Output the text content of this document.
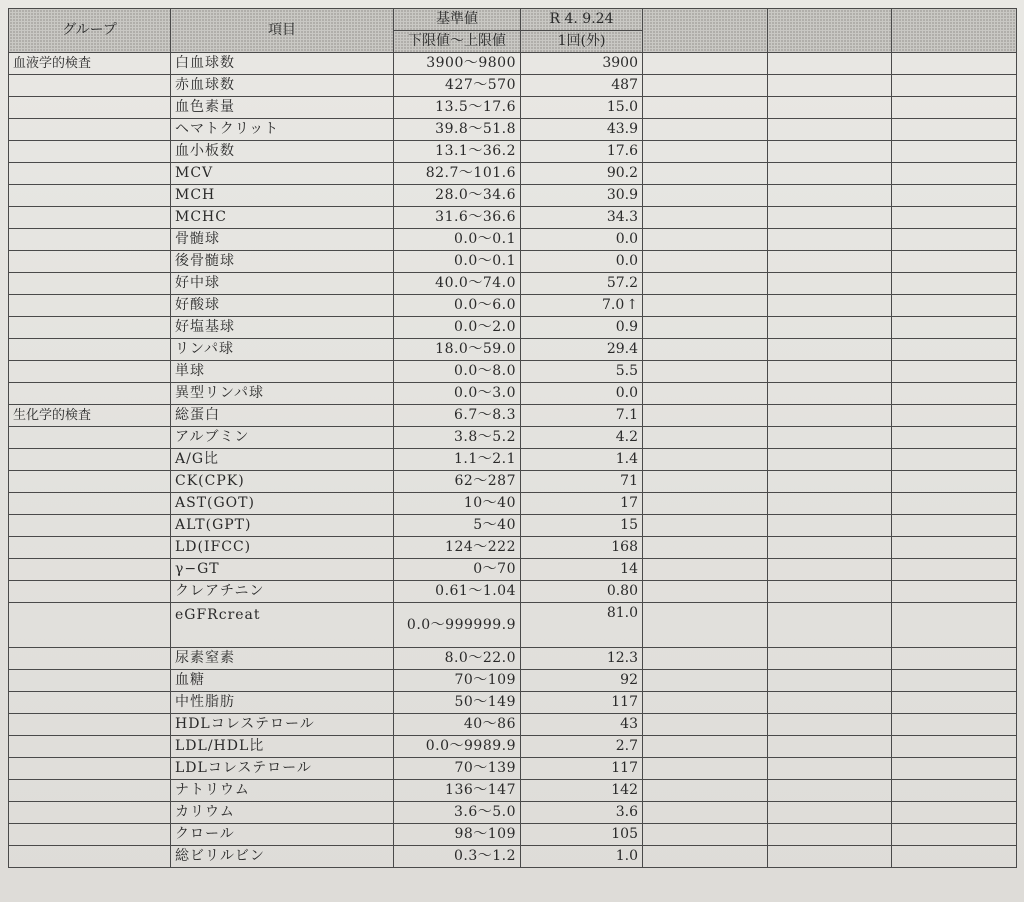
グループ	項目	基準値	R 4. 9.24			
		下限値〜上限値	1回(外)			
血液学的検査	白血球数	3900〜9800	3900			
	赤血球数	427〜570	487			
	血色素量	13.5〜17.6	15.0			
	ヘマトクリット	39.8〜51.8	43.9			
	血小板数	13.1〜36.2	17.6			
	MCV	82.7〜101.6	90.2			
	MCH	28.0〜34.6	30.9			
	MCHC	31.6〜36.6	34.3			
	骨髄球	0.0〜0.1	0.0			
	後骨髄球	0.0〜0.1	0.0			
	好中球	40.0〜74.0	57.2			
	好酸球	0.0〜6.0	7.0 ↑			
	好塩基球	0.0〜2.0	0.9			
	リンパ球	18.0〜59.0	29.4			
	単球	0.0〜8.0	5.5			
	異型リンパ球	0.0〜3.0	0.0			
生化学的検査	総蛋白	6.7〜8.3	7.1			
	アルブミン	3.8〜5.2	4.2			
	A/G比	1.1〜2.1	1.4			
	CK(CPK)	62〜287	71			
	AST(GOT)	10〜40	17			
	ALT(GPT)	5〜40	15			
	LD(IFCC)	124〜222	168			
	γ−GT	0〜70	14			
	クレアチニン	0.61〜1.04	0.80			
	eGFRcreat	0.0〜999999.9	81.0			
	尿素窒素	8.0〜22.0	12.3			
	血糖	70〜109	92			
	中性脂肪	50〜149	117			
	HDLコレステロール	40〜86	43			
	LDL/HDL比	0.0〜9989.9	2.7			
	LDLコレステロール	70〜139	117			
	ナトリウム	136〜147	142			
	カリウム	3.6〜5.0	3.6			
	クロール	98〜109	105			
	総ビリルビン	0.3〜1.2	1.0			
